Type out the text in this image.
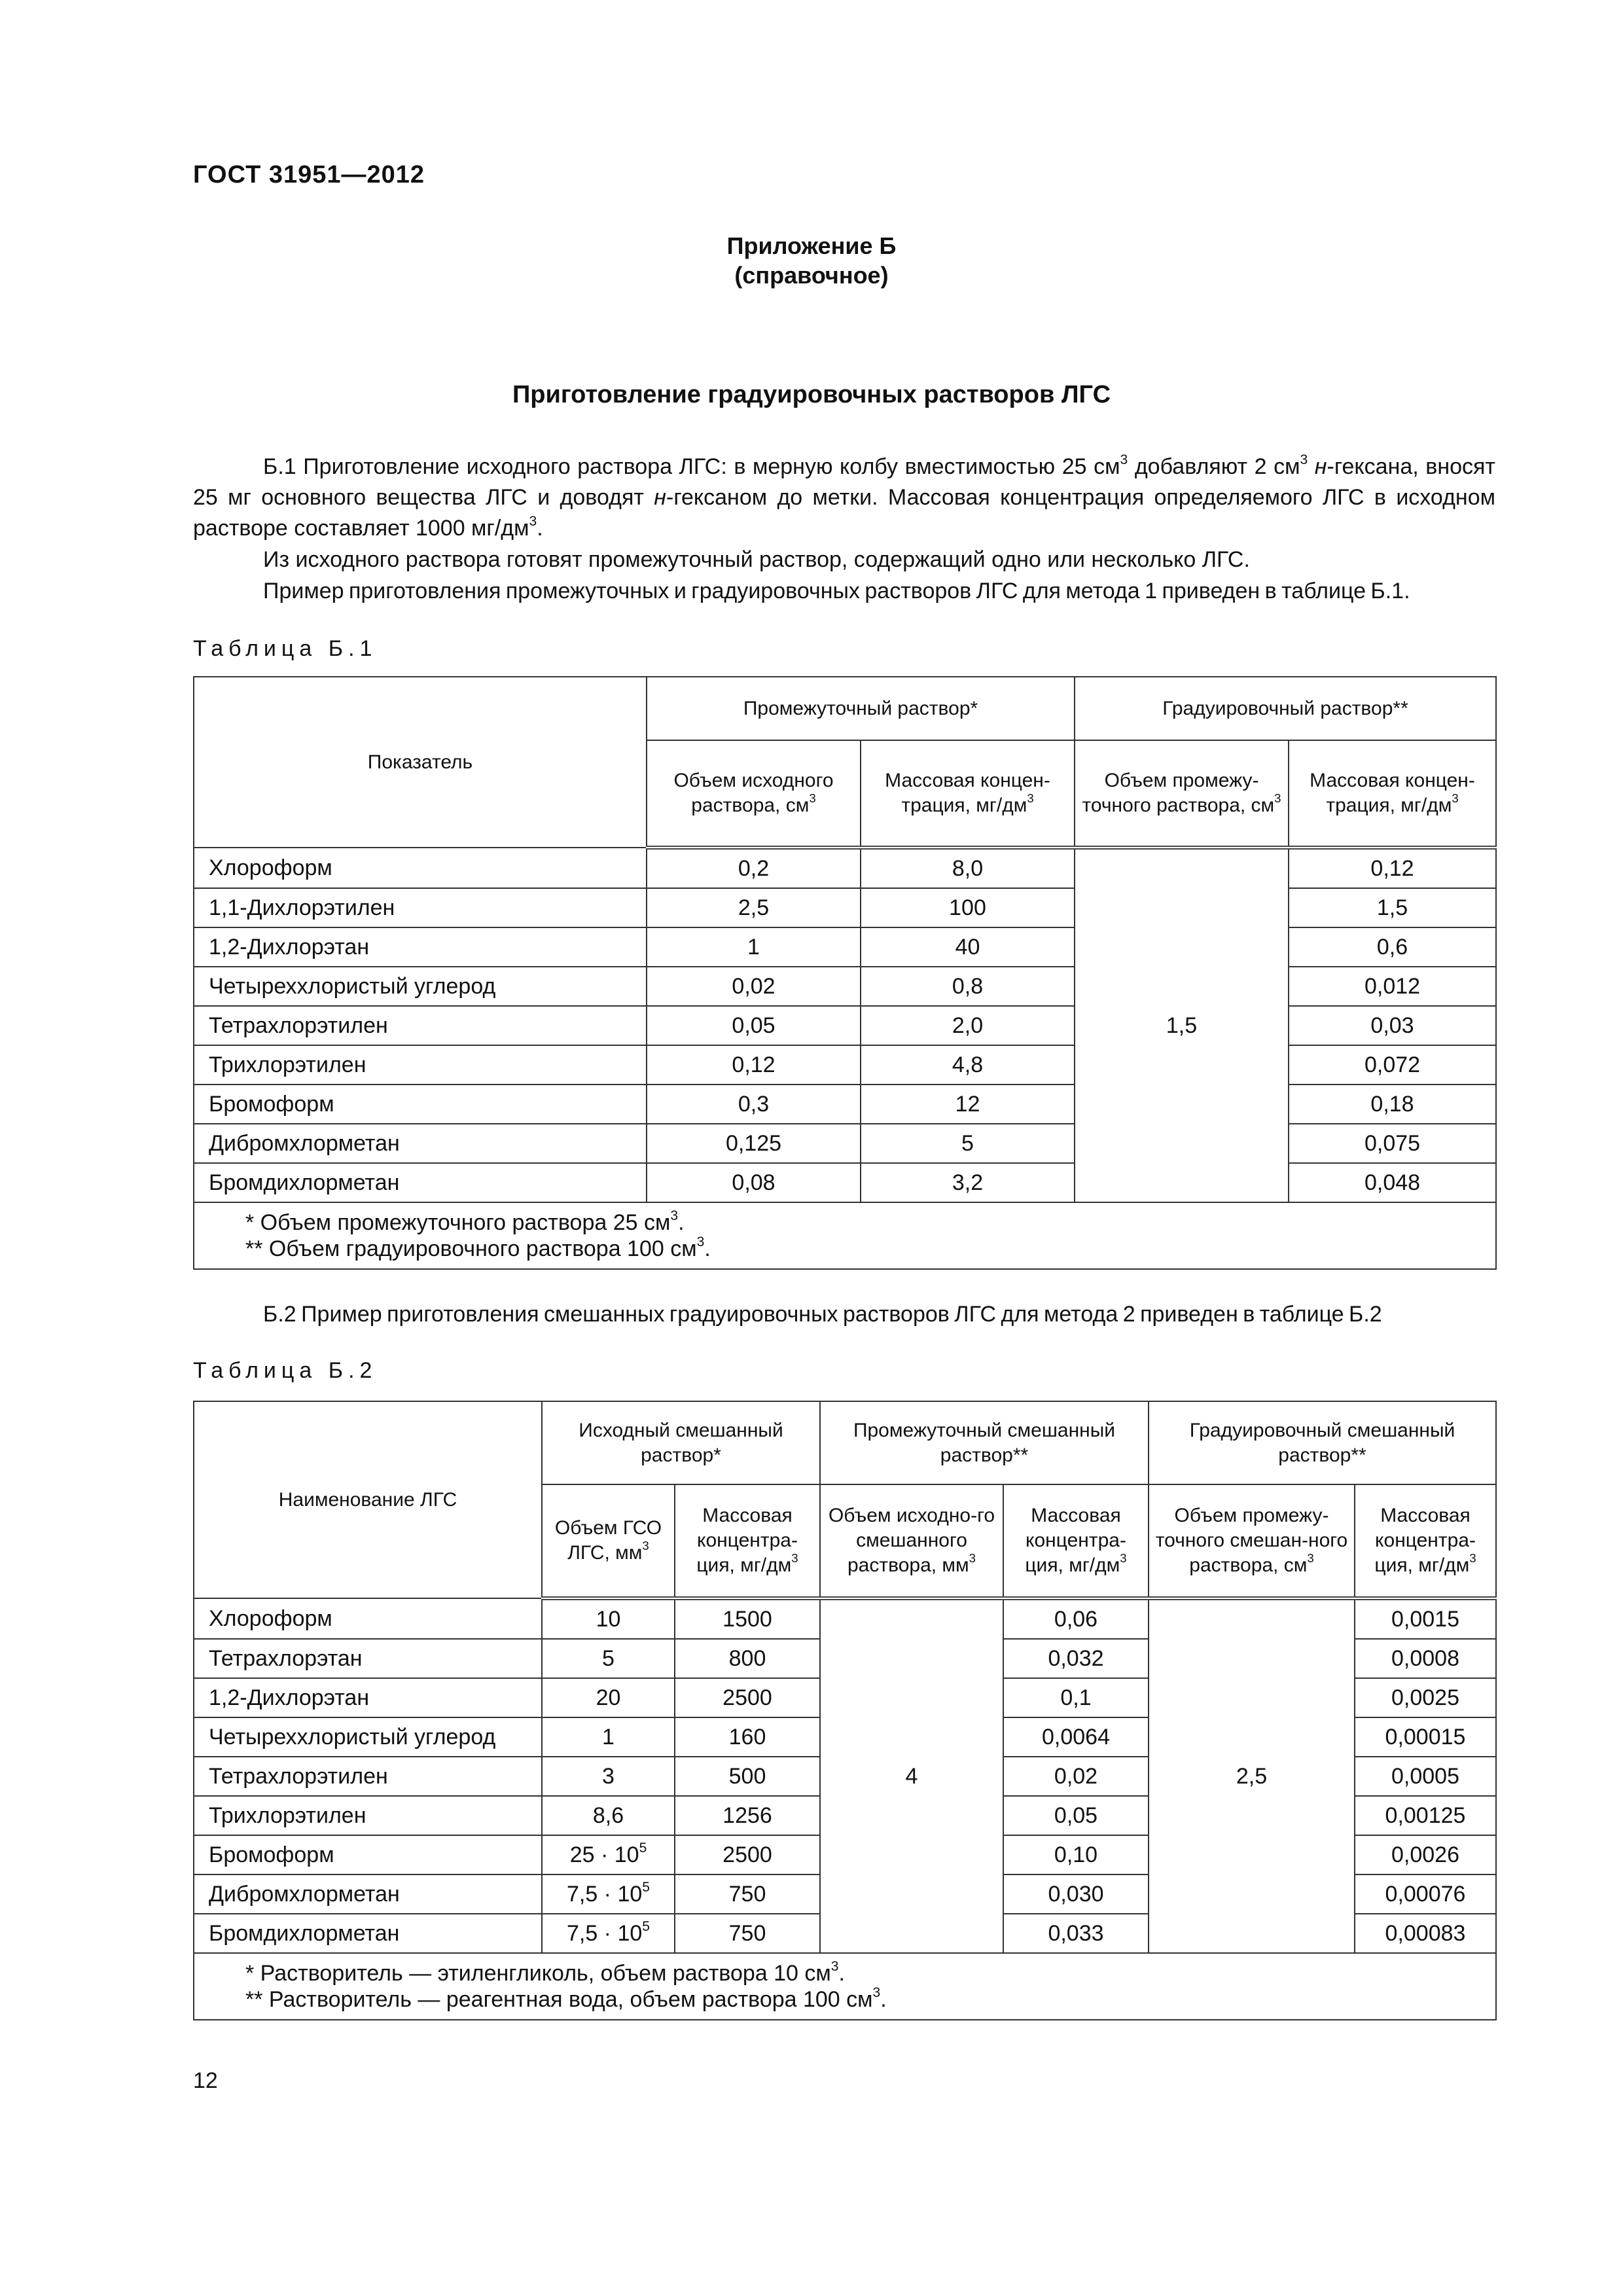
ГОСТ 31951—2012
Приложение Б
(справочное)
Приготовление градуировочных растворов ЛГС
Б.1 Приготовление исходного раствора ЛГС: в мерную колбу вместимостью 25 $см^3$ добавляют 2 $см^3$ н-гексана, вносят 25 мг основного вещества ЛГС и доводят н-гексаном до метки. Массовая концентрация определяемого ЛГС в исходном растворе составляет 1000 $мг/дм^3$.
Из исходного раствора готовят промежуточный раствор, содержащий одно или несколько ЛГС.
Пример приготовления промежуточных и градуировочных растворов ЛГС для метода 1 приведен в таблице Б.1.
Таблица Б.1
Показатель	Промежуточный раствор*		Градуировочный раствор**	
	Объем исходного раствора, $см^3$	Массовая концен-трация, $мг/дм^3$	Объем промежу-точного раствора, $см^3$	Массовая концен-трация, $мг/дм^3$
Хлороформ	0,2	8,0	1,5	0,12
1,1-Дихлорэтилен	2,5	100		1,5
1,2-Дихлорэтан	1	40		0,6
Четыреххлористый углерод	0,02	0,8		0,012
Тетрахлорэтилен	0,05	2,0		0,03
Трихлорэтилен	0,12	4,8		0,072
Бромоформ	0,3	12		0,18
Дибромхлорметан	0,125	5		0,075
Бромдихлорметан	0,08	3,2		0,048

* Объем промежуточного раствора 25 $см^3$.
** Объем градуировочного раствора 100 $см^3$.				
Б.2 Пример приготовления смешанных градуировочных растворов ЛГС для метода 2 приведен в таблице Б.2
Таблица Б.2
Наименование ЛГС	Исходный смешанный раствор*		Промежуточный смешанный раствор**		Градуировочный смешанный раствор**	
	Объем ГСО ЛГС, $мм^3$	Массовая концентра-ция, $мг/дм^3$	Объем исходно-го смешанного раствора, $мм^3$	Массовая концентра-ция, $мг/дм^3$	Объем промежу-точного смешан-ного раствора, $см^3$	Массовая концентра-ция, $мг/дм^3$
Хлороформ	10	1500	4	0,06	2,5	0,0015
Тетрахлорэтан	5	800		0,032		0,0008
1,2-Дихлорэтан	20	2500		0,1		0,0025
Четыреххлористый углерод	1	160		0,0064		0,00015
Тетрахлорэтилен	3	500		0,02		0,0005
Трихлорэтилен	8,6	1256		0,05		0,00125
Бромоформ	$25 \cdot 10^5$	2500		0,10		0,0026
Дибромхлорметан	$7,5 \cdot 10^5$	750		0,030		0,00076
Бромдихлорметан	$7,5 \cdot 10^5$	750		0,033		0,00083

* Растворитель — этиленгликоль, объем раствора 10 $см^3$.
** Растворитель — реагентная вода, объем раствора 100 $см^3$.						
12
